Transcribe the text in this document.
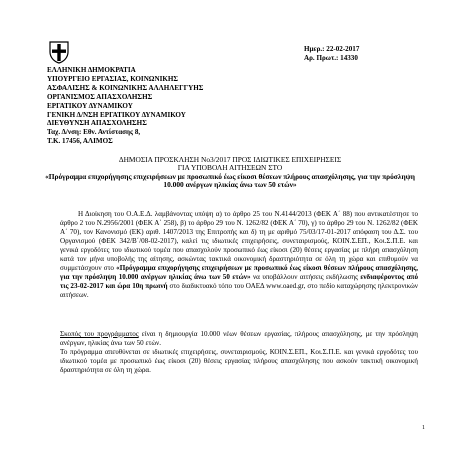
ΕΛΛΗΝΙΚΗ ΔΗΜΟΚΡΑΤΙΑ
ΥΠΟΥΡΓΕΙΟ ΕΡΓΑΣΙΑΣ, ΚΟΙΝΩΝΙΚΗΣ
ΑΣΦΑΛΙΣΗΣ & ΚΟΙΝΩΝΙΚΗΣ ΑΛΛΗΛΕΓΓΥΗΣ
ΟΡΓΑΝΙΣΜΟΣ ΑΠΑΣΧΟΛΗΣΗΣ
ΕΡΓΑΤΙΚΟΥ ΔΥΝΑΜΙΚΟΥ
ΓΕΝΙΚΗ Δ/ΝΣΗ ΕΡΓΑΤΙΚΟΥ ΔΥΝΑΜΙΚΟΥ
ΔΙΕΥΘΥΝΣΗ ΑΠΑΣΧΟΛΗΣΗΣ
Ταχ. Δ/νση: Εθν. Αντίστασης 8,
Τ.Κ. 17456, ΑΛΙΜΟΣ
Ημερ.: 22-02-2017
Αρ. Πρωτ.: 14330
ΔΗΜΟΣΙΑ ΠΡΟΣΚΛΗΣΗ Νο3/2017 ΠΡΟΣ ΙΔΙΩΤΙΚΕΣ ΕΠΙΧΕΙΡΗΣΕΙΣ
ΓΙΑ ΥΠΟΒΟΛΗ ΑΙΤΗΣΕΩΝ ΣΤΟ
«Πρόγραμμα επιχορήγησης επιχειρήσεων με προσωπικό έως είκοσι θέσεων πλήρους απασχόλησης, για την πρόσληψη 10.000 ανέργων ηλικίας άνω των 50 ετών»

Η Διοίκηση του Ο.Α.Ε.Δ. λαμβάνοντας υπόψη α) το άρθρο 25 του Ν.4144/2013 (ΦΕΚ Α΄ 88) που αντικατέστησε το άρθρο 2 του Ν.2956/2001 (ΦΕΚ Α΄ 258), β) το άρθρο 29 του Ν. 1262/82 (ΦΕΚ Α΄ 70), γ) το άρθρο 29 του Ν. 1262/82 (ΦΕΚ Α΄ 70), τον Κανονισμό (ΕΚ) αριθ. 1407/2013 της Επιτροπής και δ) τη με αριθμό 75/03/17-01-2017 απόφαση του Δ.Σ. του Οργανισμού (ΦΕΚ 342/Β΄/08-02-2017), καλεί τις ιδιωτικές επιχειρήσεις, συνεταιρισμούς, ΚΟΙΝ.Σ.ΕΠ., Κοι.Σ.Π.Ε. και γενικά εργοδότες του ιδιωτικού τομέα που απασχολούν προσωπικό έως είκοσι (20) θέσεις εργασίας με πλήρη απασχόληση κατά τον μήνα υποβολής της αίτησης, ασκώντας τακτικά οικονομική δραστηριότητα σε όλη τη χώρα και επιθυμούν να συμμετάσχουν στο «Πρόγραμμα επιχορήγησης επιχειρήσεων με προσωπικό έως είκοσι θέσεων πλήρους απασχόλησης, για την πρόσληψη 10.000 ανέργων ηλικίας άνω των 50 ετών» να υποβάλλουν αιτήσεις εκδήλωσης ενδιαφέροντος από τις 23-02-2017 και ώρα 10η πρωινή στο διαδικτυακό τόπο του ΟΑΕΔ www.oaed.gr, στο πεδίο καταχώρησης ηλεκτρονικών αιτήσεων.

Σκοπός του προγράμματος είναι η δημιουργία 10.000 νέων θέσεων εργασίας, πλήρους απασχόλησης, με την πρόσληψη ανέργων, ηλικίας άνω των 50 ετών.

Το πρόγραμμα απευθύνεται σε ιδιωτικές επιχειρήσεις, συνεταιρισμούς, ΚΟΙΝ.Σ.ΕΠ., Κοι.Σ.Π.Ε. και γενικά εργοδότες του ιδιωτικού τομέα με προσωπικό έως είκοσι (20) θέσεις εργασίας πλήρους απασχόλησης που ασκούν τακτική οικονομική δραστηριότητα σε όλη τη χώρα.

1
